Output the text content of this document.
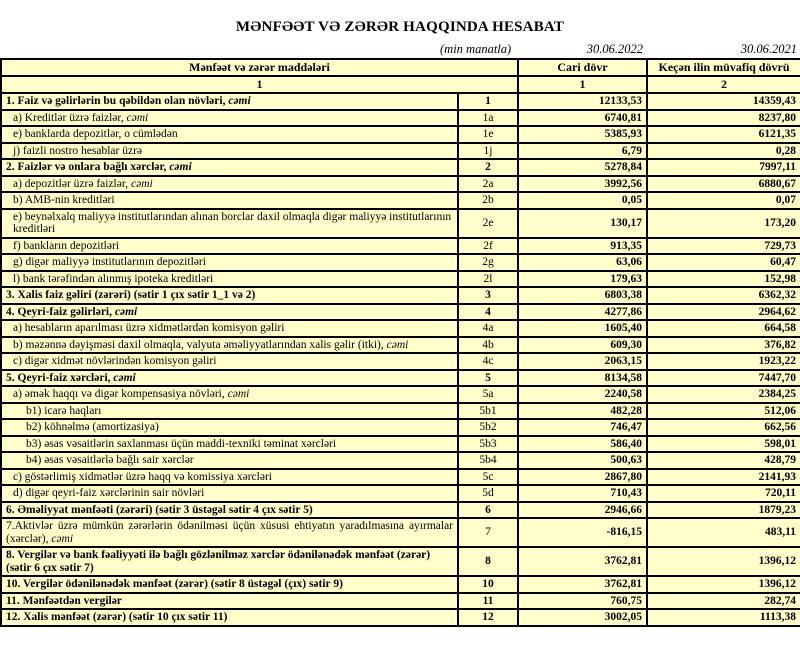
MƏNFƏƏT VƏ ZƏRƏR HAQQINDA HESABAT
(min manatla)	30.06.2022	30.06.2021
Mənfəət və zərər maddələri		Cari dövr	Keçən ilin müvafiq dövrü
1		1	2
1. Faiz və gəlirlərin bu qəbildən olan növləri, cəmi	1	12133,53	14359,43
a) Kreditlər üzrə faizlər, cəmi	1a	6740,81	8237,80
e) banklarda depozitlər, o cümlədən	1e	5385,93	6121,35
j) faizli nostro hesablar üzrə	1j	6,79	0,28
2. Faizlər və onlara bağlı xərclər, cəmi	2	5278,84	7997,11
a) depozitlər üzrə faizlər, cəmi	2a	3992,56	6880,67
b) AMB-nin kreditləri	2b	0,05	0,07
e) beynəlxalq maliyyə institutlarından alınan borclar daxil olmaqla digər maliyyə institutlarının kreditləri	2e	130,17	173,20
f) bankların depozitləri	2f	913,35	729,73
g) digər maliyyə institutlarının depozitləri	2g	63,06	60,47
l) bank tərəfindən alınmış ipoteka kreditləri	2l	179,63	152,98
3. Xalis faiz gəliri (zərəri) (sətir 1 çıx sətir 1_1 və 2)	3	6803,38	6362,32
4. Qeyri-faiz gəlirləri, cəmi	4	4277,86	2964,62
a) hesabların aparılması üzrə xidmətlərdən komisyon gəliri	4a	1605,40	664,58
b) məzənnə dəyişməsi daxil olmaqla, valyuta əməliyyatlarından xalis gəlir (itki), cəmi	4b	609,30	376,82
c) digər xidmət növlərindən komisyon gəliri	4c	2063,15	1923,22
5. Qeyri-faiz xərcləri, cəmi	5	8134,58	7447,70
a) əmək haqqı və digər kompensasiya növləri, cəmi	5a	2240,58	2384,25
b1) icarə haqları	5b1	482,28	512,06
b2) köhnəlmə (amortizasiya)	5b2	746,47	662,56
b3) əsas vəsaitlərin saxlanması üçün maddi-texniki təminat xərcləri	5b3	586,40	598,01
b4) əsas vəsaitlərlə bağlı sair xərclər	5b4	500,63	428,79
c) göstərlimiş xidmətlər üzrə haqq və komissiya xərcləri	5c	2867,80	2141,93
d) digər qeyri-faiz xərclərinin sair növləri	5d	710,43	720,11
6. Əməliyyat mənfəəti (zərəri) (sətir 3 üstəgəl sətir 4 çıx sətir 5)	6	2946,66	1879,23
7.Aktivlər üzrə mümkün zərərlərin ödənilməsi üçün xüsusi ehtiyatın yaradılmasına ayırmalar (xərclər), cəmi	7	-816,15	483,11
8. Vergilər və bank fəaliyyəti ilə bağlı gözlənilməz xərclər ödənilənədək mənfəət (zərər) (sətir 6 çıx sətir 7)	8	3762,81	1396,12
10. Vergilər ödənilənədək mənfəət (zərər) (sətir 8 üstəgəl (çıx) sətir 9)	10	3762,81	1396,12
11. Mənfəətdən vergilər	11	760,75	282,74
12. Xalis mənfəət (zərər) (sətir 10 çıx sətir 11)	12	3002,05	1113,38
